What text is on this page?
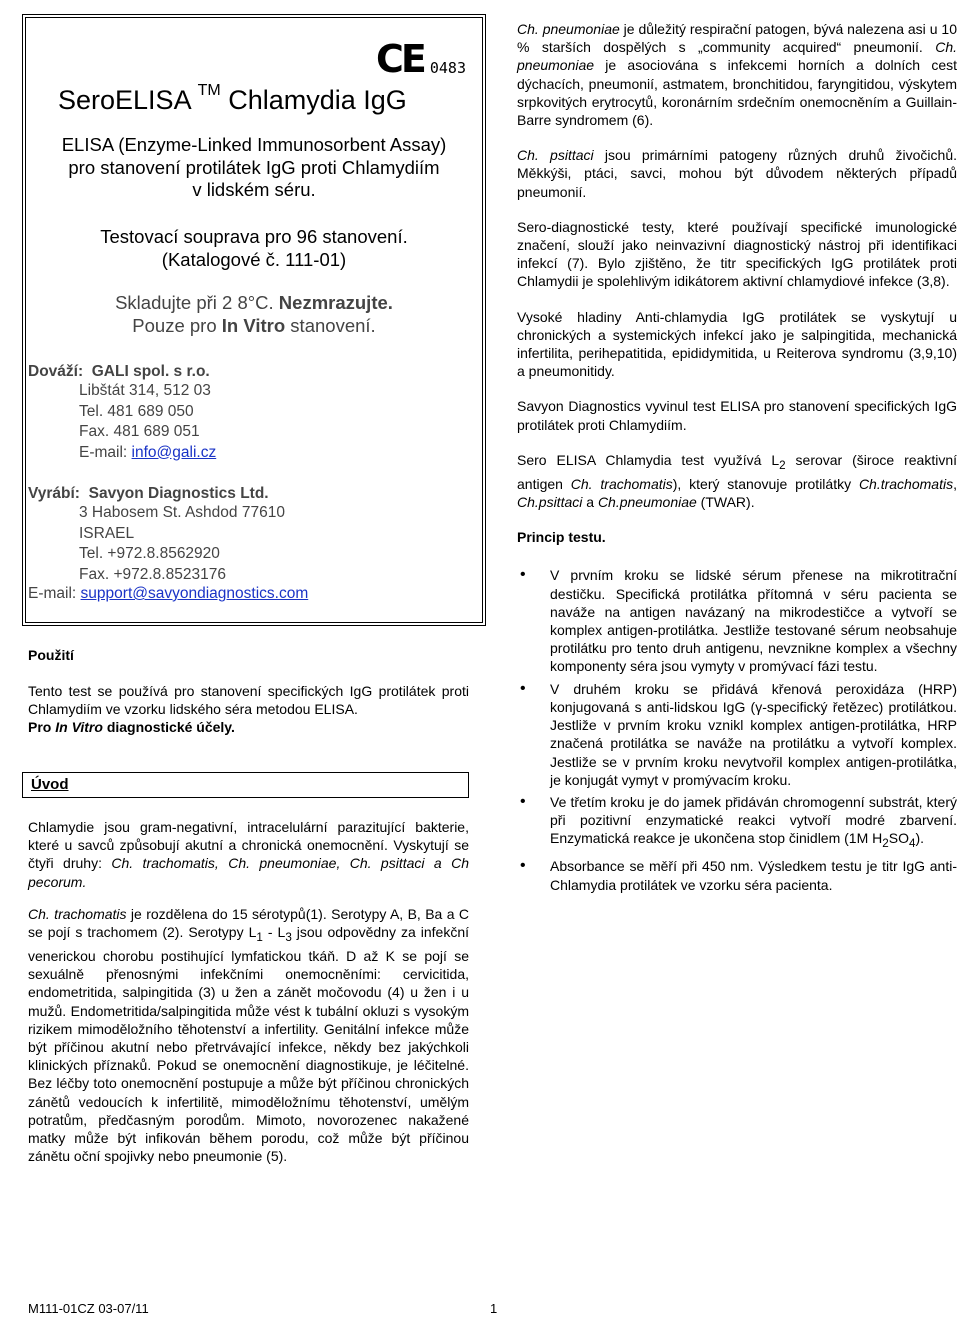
CE 0483
SeroELISA ™ Chlamydia IgG
ELISA (Enzyme-Linked Immunosorbent Assay)
pro stanovení protilátek IgG proti Chlamydiím
v lidském séru.
Testovací souprava pro 96 stanovení.
(Katalogové č. 111-01)
Skladujte při 2 8°C. Nezmrazujte.
Pouze pro In Vitro stanovení.
Dováží: GALI spol. s r.o.
Libštát 314, 512 03
Tel. 481 689 050
Fax. 481 689 051
E-mail: info@gali.cz
Vyrábí: Savyon Diagnostics Ltd.
3 Habosem St. Ashdod 77610
ISRAEL
Tel. +972.8.8562920
Fax. +972.8.8523176
E-mail: support@savyondiagnostics.com
Použití

Tento test se používá pro stanovení specifických IgG protilátek proti Chlamydiím ve vzorku lidského séra metodou ELISA.

Pro In Vitro diagnostické účely.
Úvod

Chlamydie jsou gram-negativní, intracelulární parazitující bakterie, které u savců způsobují akutní a chronická onemocnění. Vyskytují se čtyři druhy: Ch. trachomatis, Ch. pneumoniae, Ch. psittaci a Ch pecorum.

Ch. trachomatis je rozdělena do 15 sérotypů(1). Serotypy A, B, Ba a C se pojí s trachomem (2). Serotypy $L_1 - L_3$ jsou odpovědny za infekční venerickou chorobu postihující lymfatickou tkáň. D až K se pojí se sexuálně přenosnými infekčními onemocněními: cervicitida, endometritida, salpingitida (3) u žen a zánět močovodu (4) u žen i u mužů. Endometritida/salpingitida může vést k tubální okluzi s vysokým rizikem mimoděložního těhotenství a infertility. Genitální infekce může být příčinou akutní nebo přetrvávající infekce, někdy bez jakýchkoli klinických příznaků. Pokud se onemocnění diagnostikuje, je léčitelné. Bez léčby toto onemocnění postupuje a může být příčinou chronických zánětů vedoucích k infertilitě, mimoděložnímu těhotenství, umělým potratům, předčasným porodům. Mimoto, novorozenec nakažené matky může být infikován během porodu, což může být příčinou zánětu oční spojivky nebo pneumonie (5).

Ch. pneumoniae je důležitý respirační patogen, bývá nalezena asi u 10 % starších dospělých s „community acquired“ pneumonií. Ch. pneumoniae je asociována s infekcemi horních a dolních cest dýchacích, pneumonií, astmatem, bronchitidou, faryngitidou, výskytem srpkovitých erytrocytů, koronárním srdečním onemocněním a Guillain-Barre syndromem (6).

Ch. psittaci jsou primárními patogeny různých druhů živočichů. Měkkýši, ptáci, savci, mohou být důvodem některých případů pneumonií.

Sero-diagnostické testy, které používají specifické imunologické značení, slouží jako neinvazivní diagnostický nástroj při identifikaci infekcí (7). Bylo zjištěno, že titr specifických IgG protilátek proti Chlamydii je spolehlivým idikátorem aktivní chlamydiové infekce (3,8).

Vysoké hladiny Anti-chlamydia IgG protilátek se vyskytují u chronických a systemických infekcí jako je salpingitida, mechanická infertilita, perihepatitida, epididymitida, u Reiterova syndromu (3,9,10) a pneumonitidy.

Savyon Diagnostics vyvinul test ELISA pro stanovení specifických IgG protilátek proti Chlamydiím.

Sero ELISA Chlamydia test využívá $L_2$ serovar (široce reaktivní antigen Ch. trachomatis), který stanovuje protilátky Ch.trachomatis, Ch.psittaci a Ch.pneumoniae (TWAR).

Princip testu.
• V prvním kroku se lidské sérum přenese na mikrotitrační destičku. Specifická protilátka přítomná v séru pacienta se naváže na antigen navázaný na mikrodestičce a vytvoří se komplex antigen-protilátka. Jestliže testované sérum neobsahuje protilátku pro tento druh antigenu, nevznikne komplex a všechny komponenty séra jsou vymyty v promývací fázi testu.
• V druhém kroku se přidává křenová peroxidáza (HRP) konjugovaná s anti-lidskou IgG (γ-specifický řetězec) protilátkou. Jestliže v prvním kroku vznikl komplex antigen-protilátka, HRP značená protilátka se naváže na protilátku a vytvoří komplex. Jestliže se v prvním kroku nevytvořil komplex antigen-protilátka, je konjugát vymyt v promývacím kroku.
• Ve třetím kroku je do jamek přidáván chromogenní substrát, který při pozitivní enzymatické reakci vytvoří modré zbarvení. Enzymatická reakce je ukončena stop činidlem (1M $H_2SO_4$).
• Absorbance se měří při 450 nm. Výsledkem testu je titr IgG anti-Chlamydia protilátek ve vzorku séra pacienta.
M111-01CZ 03-07/11	1
